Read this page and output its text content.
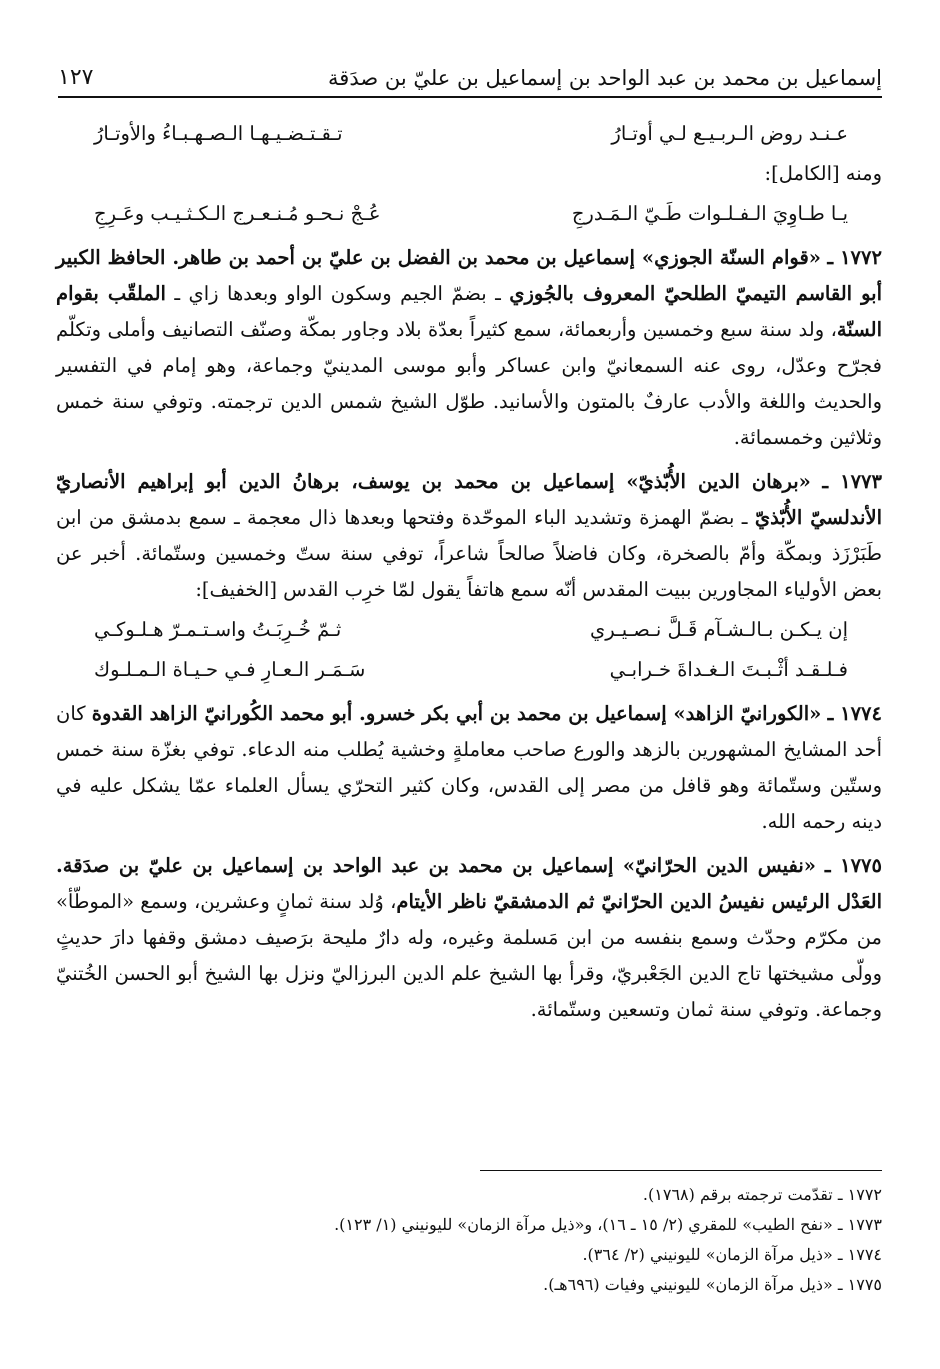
إسماعيل بن محمد بن عبد الواحد بن إسماعيل بن عليّ بن صدَقة
١٢٧
عـنـد روض الـربـيـع لـي أوتـارُ
تـقـتـضـيـهـا الـصـهـبـاءُ والأوتـارُ
ومنه [الكامل]:
يـا طـاوِيَ الـفـلـوات طَـيّ الـمَـدرجِ
عُـجْ نـحـو مُـنـعـرج الـكـثـيـب وعَـرِجِ

١٧٧٢ ـ «قوام السنّة الجوزي» إسماعيل بن محمد بن الفضل بن عليّ بن أحمد بن طاهر. الحافظ الكبير أبو القاسم التيميّ الطلحيّ المعروف بالجُوزي ـ بضمّ الجيم وسكون الواو وبعدها زاي ـ الملقّب بقوام السنّة، ولد سنة سبع وخمسين وأربعمائة، سمع كثيراً بعدّة بلاد وجاور بمكّة وصنّف التصانيف وأملى وتكلّم فجرّح وعدّل، روى عنه السمعانيّ وابن عساكر وأبو موسى المدينيّ وجماعة، وهو إمام في التفسير والحديث واللغة والأدب عارفٌ بالمتون والأسانيد. طوّل الشيخ شمس الدين ترجمته. وتوفي سنة خمس وثلاثين وخمسمائة.

١٧٧٣ ـ «برهان الدين الأُبّذيّ» إسماعيل بن محمد بن يوسف، برهانُ الدين أبو إبراهيم الأنصاريّ الأندلسيّ الأُبّذيّ ـ بضمّ الهمزة وتشديد الباء الموحّدة وفتحها وبعدها ذال معجمة ـ سمع بدمشق من ابن طَبَرْزَذ وبمكّة وأمّ بالصخرة، وكان فاضلاً صالحاً شاعراً، توفي سنة ستّ وخمسين وستّمائة. أخبر عن بعض الأولياء المجاورين ببيت المقدس أنّه سمع هاتفاً يقول لمّا خرِب القدس [الخفيف]:

إن يـكـن بـالـشـآم قَـلَّ نـصـيـري
ثـمّ خُـرِبَـتُ واسـتـمـرّ هـلـوكـي
فـلـقـد أثْـبـتَ الـغـداةَ خـرابـي
سَـمَـر الـعـارِ فـي حـيـاة الـمـلـوك

١٧٧٤ ـ «الكورانيّ الزاهد» إسماعيل بن محمد بن أبي بكر خسرو. أبو محمد الكُورانيّ الزاهد القدوة كان أحد المشايخ المشهورين بالزهد والورع صاحب معاملةٍ وخشية يُطلب منه الدعاء. توفي بغزّة سنة خمس وستّين وستّمائة وهو قافل من مصر إلى القدس، وكان كثير التحرّي يسأل العلماء عمّا يشكل عليه في دينه رحمه الله.

١٧٧٥ ـ «نفيس الدين الحرّانيّ» إسماعيل بن محمد بن عبد الواحد بن إسماعيل بن عليّ بن صدَقة. العَدْل الرئيس نفيسُ الدين الحرّانيّ ثم الدمشقيّ ناظر الأيتام، وُلد سنة ثمانٍ وعشرين، وسمع «الموطّأ» من مكرّم وحدّث وسمع بنفسه من ابن مَسلمة وغيره، وله دارٌ مليحة برَصيف دمشق وقفها دارَ حديثٍ وولّى مشيختها تاج الدين الجَعْبريّ، وقرأ بها الشيخ علم الدين البرزاليّ ونزل بها الشيخ أبو الحسن الخُتنيّ وجماعة. وتوفي سنة ثمان وتسعين وستّمائة.

١٧٧٢ ـ تقدّمت ترجمته برقم (١٧٦٨).
١٧٧٣ ـ «نفح الطيب» للمقري (٢/ ١٥ ـ ١٦)، و«ذيل مرآة الزمان» لليونيني (١/ ١٢٣).
١٧٧٤ ـ «ذيل مرآة الزمان» لليونيني (٢/ ٣٦٤).
١٧٧٥ ـ «ذيل مرآة الزمان» لليونيني وفيات (٦٩٦هـ).
